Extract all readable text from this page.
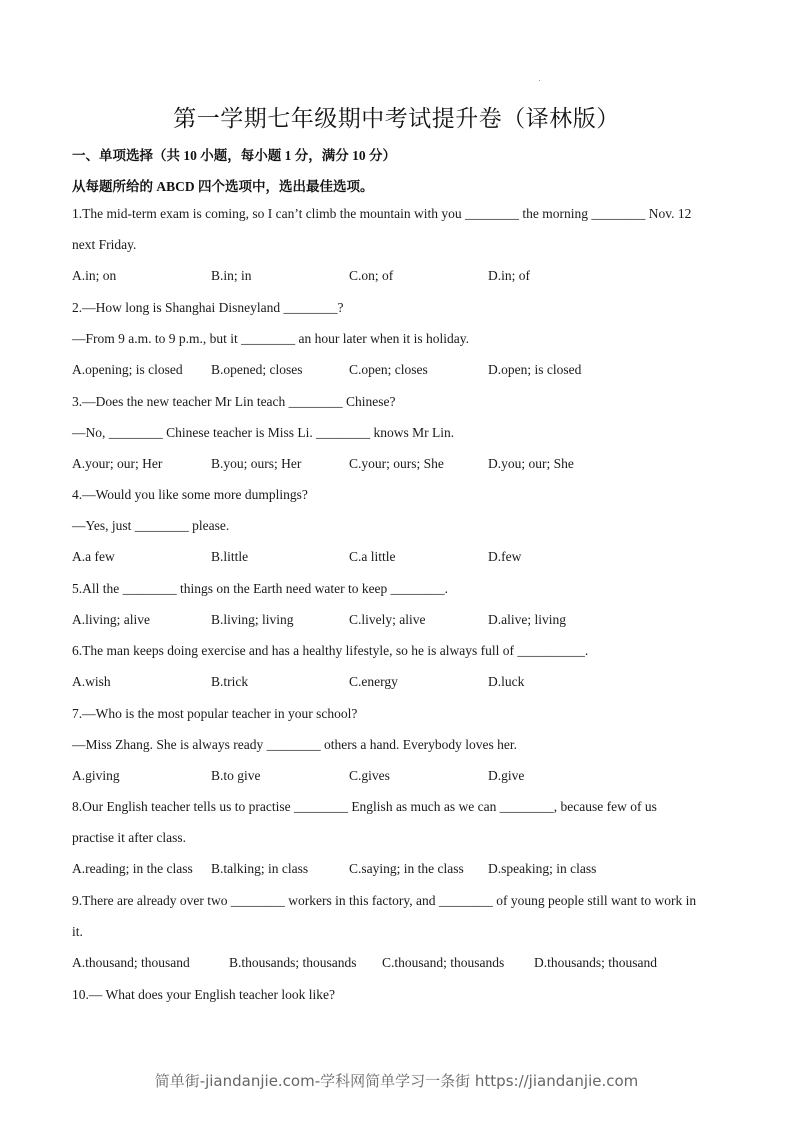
第一学期七年级期中考试提升卷（译林版）
一、单项选择（共 10 小题，每小题 1 分，满分 10 分）
从每题所给的 ABCD 四个选项中，选出最佳选项。
1.The mid-term exam is coming, so I can’t climb the mountain with you ________ the morning ________ Nov. 12
next Friday.
A.in; on	B.in; in	C.on; of	D.in; of
2.—How long is Shanghai Disneyland ________?
—From 9 a.m. to 9 p.m., but it ________ an hour later when it is holiday.
A.opening; is closed B.opened; closes	C.open; closes	D.open; is closed
3.—Does the new teacher Mr Lin teach ________ Chinese?
—No, ________ Chinese teacher is Miss Li. ________ knows Mr Lin.
A.your; our; Her	B.you; ours; Her	C.your; ours; She	D.you; our; She
4.—Would you like some more dumplings?
—Yes, just ________ please.
A.a few	B.little	C.a little	D.few
5.All the ________ things on the Earth need water to keep ________.
A.living; alive	B.living; living	C.lively; alive	D.alive; living
6.The man keeps doing exercise and has a healthy lifestyle, so he is always full of __________.
A.wish	B.trick	C.energy	D.luck
7.—Who is the most popular teacher in your school?
—Miss Zhang. She is always ready ________ others a hand. Everybody loves her.
A.giving	B.to give	C.gives	D.give
8.Our English teacher tells us to practise ________ English as much as we can ________, because few of us
practise it after class.
A.reading; in the class B.talking; in class	C.saying; in the class D.speaking; in class
9.There are already over two ________ workers in this factory, and ________ of young people still want to work in
it.
A.thousand; thousand	B.thousands; thousands C.thousand; thousands D.thousands; thousand
10.— What does your English teacher look like?
简单街-jiandanjie.com-学科网简单学习一条街 https://jiandanjie.com
